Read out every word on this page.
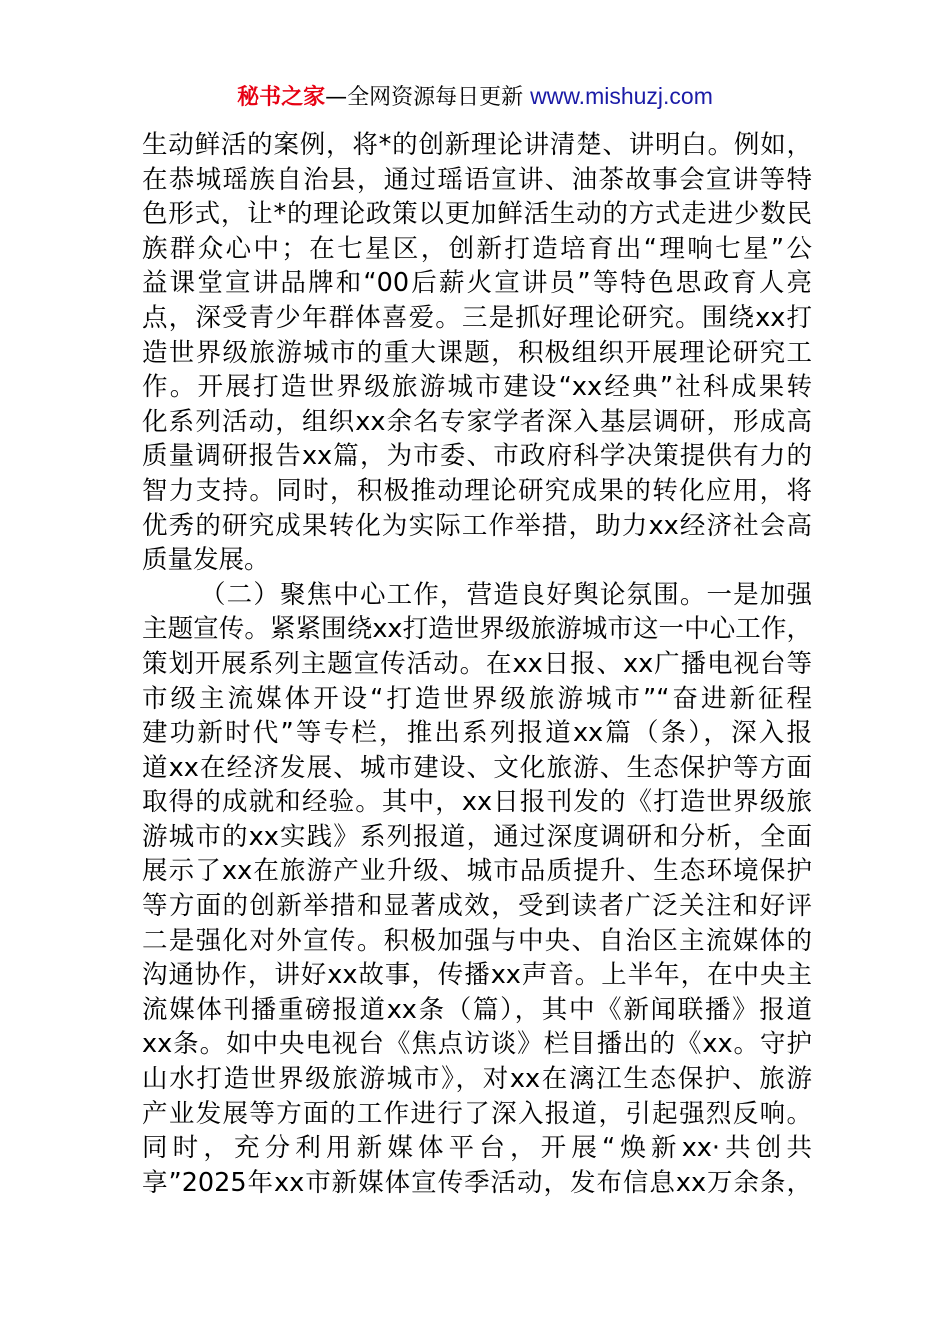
秘书之家—全网资源每日更新 www.mishuzj.com
生动鲜活的案例，将*的创新理论讲清楚、讲明白。例如，
在恭城瑶族自治县，通过瑶语宣讲、油茶故事会宣讲等特
色形式，让*的理论政策以更加鲜活生动的方式走进少数民
族群众心中；在七星区，创新打造培育出“理响七星”公
益课堂宣讲品牌和“00后薪火宣讲员”等特色思政育人亮
点，深受青少年群体喜爱。三是抓好理论研究。围绕xx打
造世界级旅游城市的重大课题，积极组织开展理论研究工
作。开展打造世界级旅游城市建设“xx经典”社科成果转
化系列活动，组织xx余名专家学者深入基层调研，形成高
质量调研报告xx篇，为市委、市政府科学决策提供有力的
智力支持。同时，积极推动理论研究成果的转化应用，将
优秀的研究成果转化为实际工作举措，助力xx经济社会高
质量发展。
（二）聚焦中心工作，营造良好舆论氛围。一是加强
主题宣传。紧紧围绕xx打造世界级旅游城市这一中心工作，
策划开展系列主题宣传活动。在xx日报、xx广播电视台等
市级主流媒体开设“打造世界级旅游城市”“奋进新征程
建功新时代”等专栏，推出系列报道xx篇（条），深入报
道xx在经济发展、城市建设、文化旅游、生态保护等方面
取得的成就和经验。其中，xx日报刊发的《打造世界级旅
游城市的xx实践》系列报道，通过深度调研和分析，全面
展示了xx在旅游产业升级、城市品质提升、生态环境保护
等方面的创新举措和显著成效，受到读者广泛关注和好评
二是强化对外宣传。积极加强与中央、自治区主流媒体的
沟通协作，讲好xx故事，传播xx声音。上半年，在中央主
流媒体刊播重磅报道xx条（篇），其中《新闻联播》报道
xx条。如中央电视台《焦点访谈》栏目播出的《xx。守护
山水打造世界级旅游城市》，对xx在漓江生态保护、旅游
产业发展等方面的工作进行了深入报道，引起强烈反响。
同时，充分利用新媒体平台，开展“焕新xx·共创共
享”2025年xx市新媒体宣传季活动，发布信息xx万余条，
